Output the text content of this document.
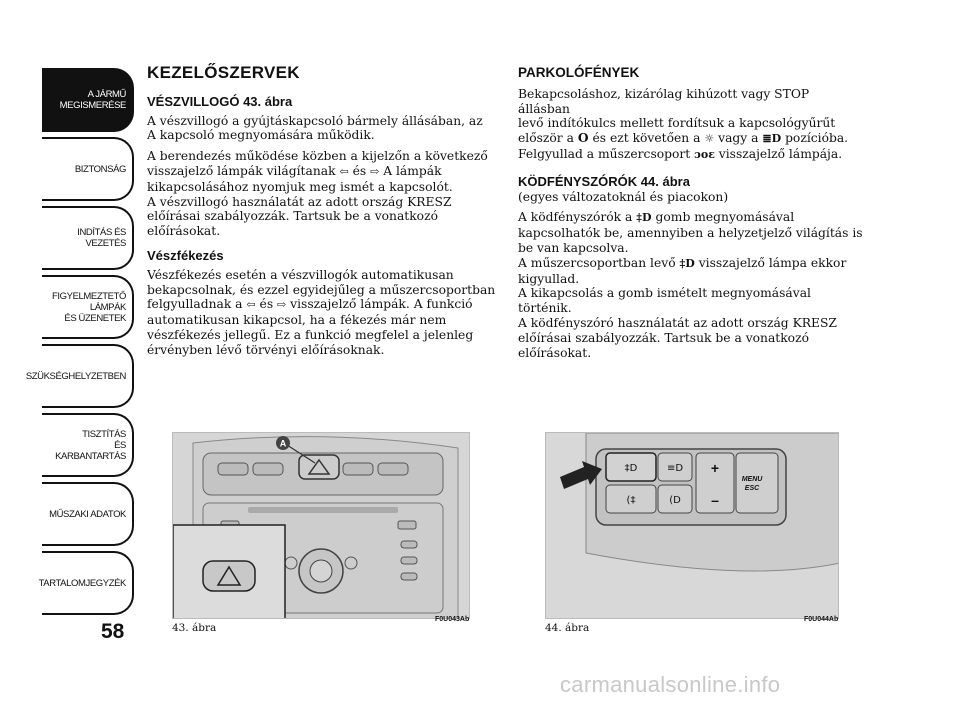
A JÁRMŰ
MEGISMERÉSE
BIZTONSÁG
INDÍTÁS ÉS VEZETÉS
FIGYELMEZTETŐ
LÁMPÁK
ÉS ÜZENETEK
SZÜKSÉGHELYZETBEN
TISZTÍTÁS
ÉS KARBANTARTÁS
MŰSZAKI ADATOK
TARTALOMJEGYZÉK
58
KEZELŐSZERVEK
VÉSZVILLOGÓ 43. ábra

A vészvillogó a gyújtáskapcsoló bármely állásában, az
A kapcsoló megnyomására működik.

A berendezés működése közben a kijelzőn a következő
visszajelző lámpák világítanak ⇦ és ⇨ A lámpák
kikapcsolásához nyomjuk meg ismét a kapcsolót.
A vészvillogó használatát az adott ország KRESZ
előírásai szabályozzák. Tartsuk be a vonatkozó
előírásokat.

Vészfékezés

Vészfékezés esetén a vészvillogók automatikusan
bekapcsolnak, és ezzel egyidejűleg a műszercsoportban
felgyulladnak a ⇦ és ⇨ visszajelző lámpák. A funkció
automatikusan kikapcsol, ha a fékezés már nem
vészfékezés jellegű. Ez a funkció megfelel a jelenleg
érvényben lévő törvényi előírásoknak.

PARKOLÓFÉNYEK

Bekapcsoláshoz, kizárólag kihúzott vagy STOP állásban
levő indítókulcs mellett fordítsuk a kapcsológyűrűt
először a O és ezt követően a ☼ vagy a ≣D pozícióba.
Felgyullad a műszercsoport ɔoɛ visszajelző lámpája.

KÖDFÉNYSZÓRÓK 44. ábra

(egyes változatoknál és piacokon)

A ködfényszórók a ‡D gomb megnyomásával
kapcsolhatók be, amennyiben a helyzetjelző világítás is
be van kapcsolva.
A műszercsoportban levő ‡D visszajelző lámpa ekkor
kigyullad.
A kikapcsolás a gomb ismételt megnyomásával történik.
A ködfényszóró használatát az adott ország KRESZ
előírásai szabályozzák. Tartsuk be a vonatkozó
előírásokat.

A
43. ábra
F0U043Ab
‡D	≡D
(‡	(D
+
–
MENU
ESC
44. ábra
F0U044Ab
carmanualsonline.info
